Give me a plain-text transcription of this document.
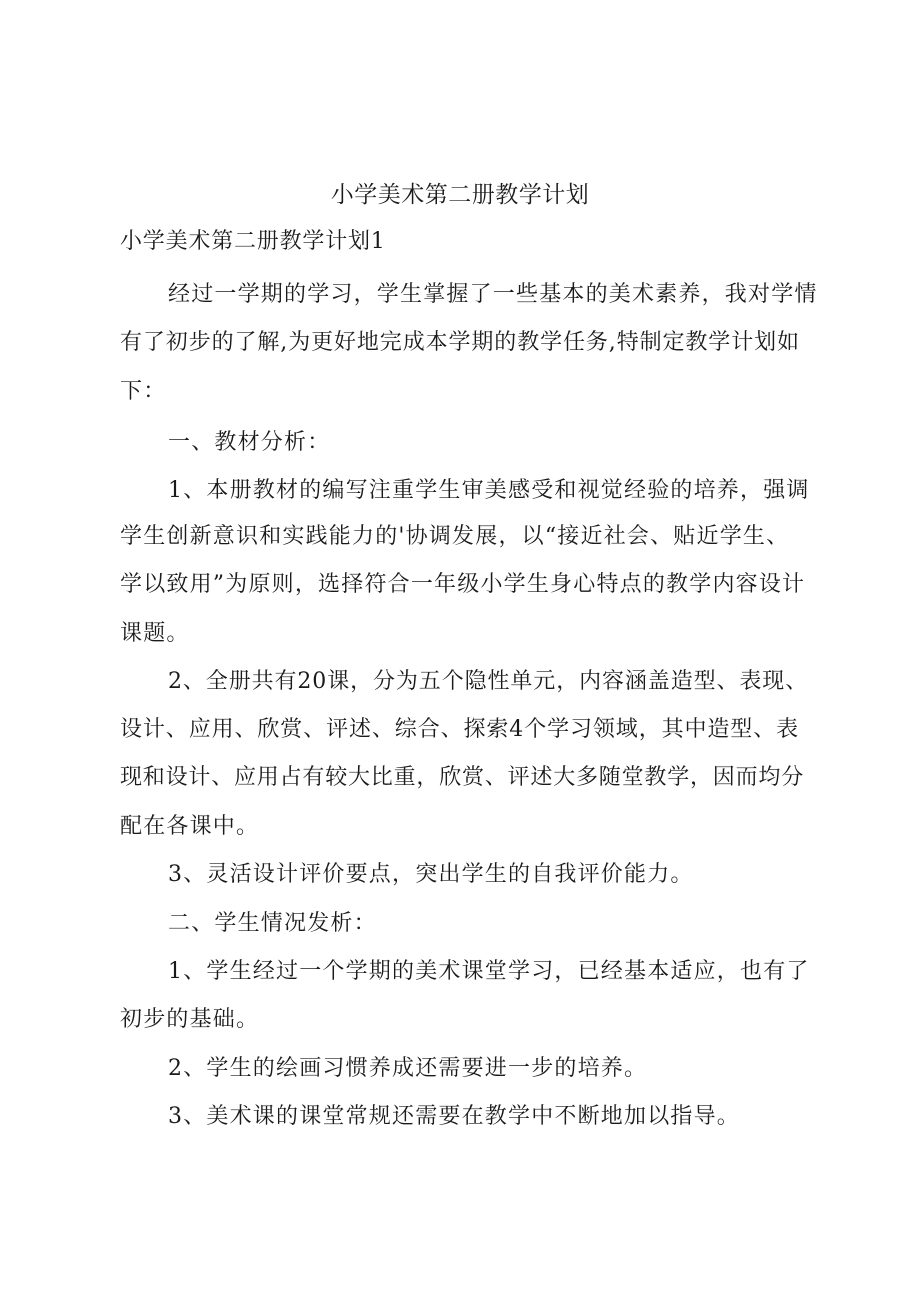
小学美术第二册教学计划
小学美术第二册教学计划1
经过一学期的学习，学生掌握了一些基本的美术素养，我对学情
有了初步的了解,为更好地完成本学期的教学任务,特制定教学计划如
下：
一、教材分析：
1、本册教材的编写注重学生审美感受和视觉经验的培养，强调
学生创新意识和实践能力的'协调发展，以“接近社会、贴近学生、
学以致用”为原则，选择符合一年级小学生身心特点的教学内容设计
课题。
2、全册共有20课，分为五个隐性单元，内容涵盖造型、表现、
设计、应用、欣赏、评述、综合、探索4个学习领域，其中造型、表
现和设计、应用占有较大比重，欣赏、评述大多随堂教学，因而均分
配在各课中。
3、灵活设计评价要点，突出学生的自我评价能力。
二、学生情况发析：
1、学生经过一个学期的美术课堂学习，已经基本适应，也有了
初步的基础。
2、学生的绘画习惯养成还需要进一步的培养。
3、美术课的课堂常规还需要在教学中不断地加以指导。
